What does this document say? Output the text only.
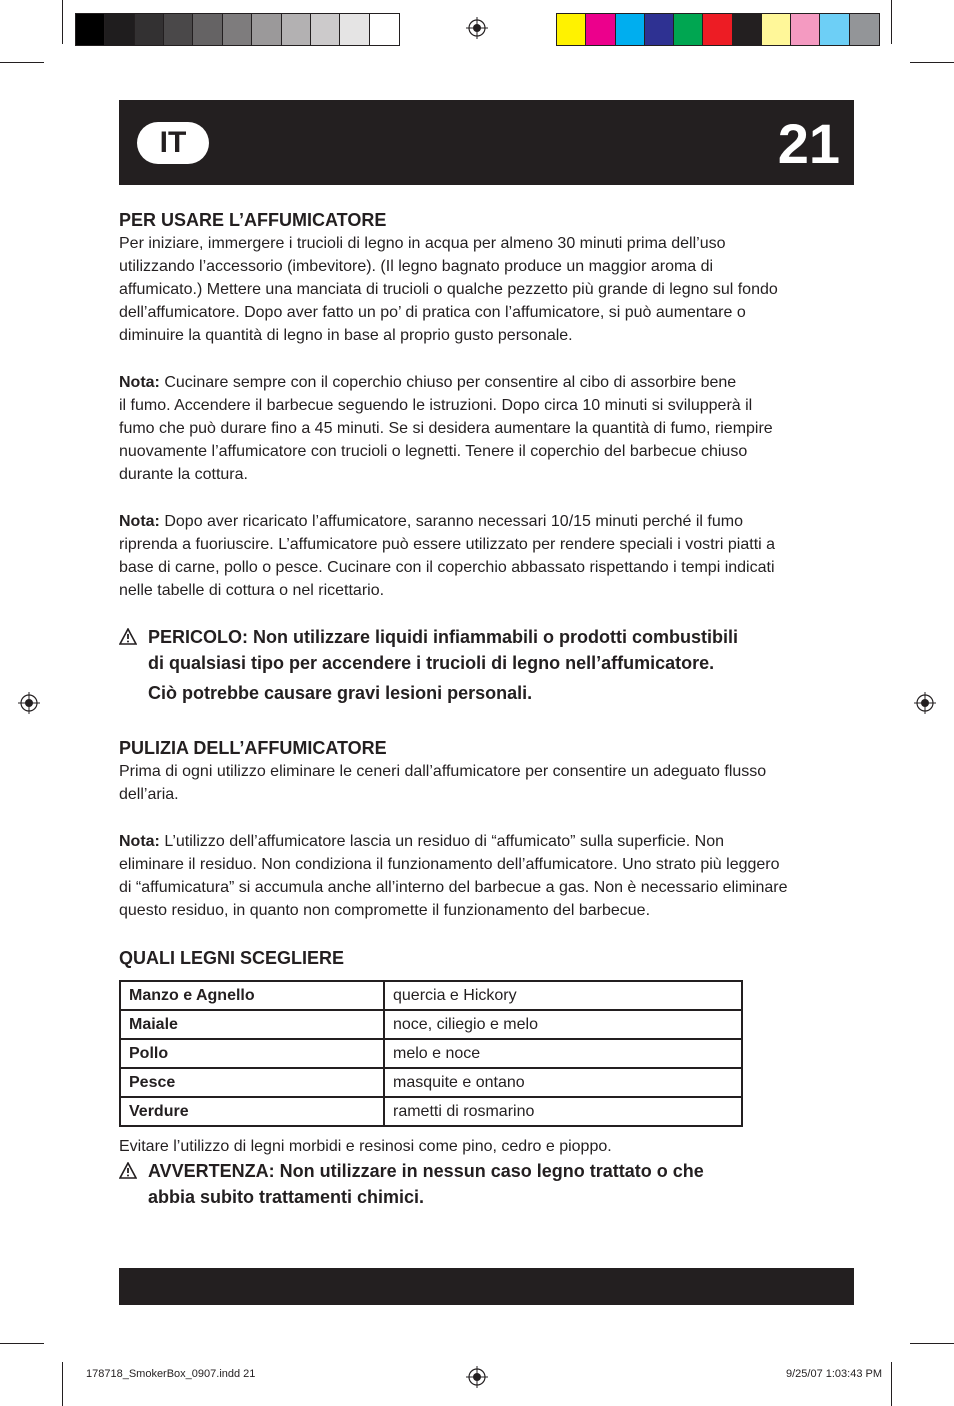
IT	21
PER USARE L’AFFUMICATORE

Per iniziare, immergere i trucioli di legno in acqua per almeno 30 minuti prima dell’uso
utilizzando l’accessorio (imbevitore). (Il legno bagnato produce un maggior aroma di
affumicato.) Mettere una manciata di trucioli o qualche pezzetto più grande di legno sul fondo
dell’affumicatore. Dopo aver fatto un po’ di pratica con l’affumicatore, si può aumentare o
diminuire la quantità di legno in base al proprio gusto personale.

Nota: Cucinare sempre con il coperchio chiuso per consentire al cibo di assorbire bene
il fumo. Accendere il barbecue seguendo le istruzioni. Dopo circa 10 minuti si svilupperà il
fumo che può durare fino a 45 minuti. Se si desidera aumentare la quantità di fumo, riempire
nuovamente l’affumicatore con trucioli o legnetti. Tenere il coperchio del barbecue chiuso
durante la cottura.

Nota: Dopo aver ricaricato l’affumicatore, saranno necessari 10/15 minuti perché il fumo
riprenda a fuoriuscire. L’affumicatore può essere utilizzato per rendere speciali i vostri piatti a
base di carne, pollo o pesce. Cucinare con il coperchio abbassato rispettando i tempi indicati
nelle tabelle di cottura o nel ricettario.

PERICOLO: Non utilizzare liquidi infiammabili o prodotti combustibili
di qualsiasi tipo per accendere i trucioli di legno nell’affumicatore.
Ciò potrebbe causare gravi lesioni personali.
PULIZIA DELL’AFFUMICATORE

Prima di ogni utilizzo eliminare le ceneri dall’affumicatore per consentire un adeguato flusso
dell’aria.

Nota: L’utilizzo dell’affumicatore lascia un residuo di “affumicato” sulla superficie. Non
eliminare il residuo. Non condiziona il funzionamento dell’affumicatore. Uno strato più leggero
di “affumicatura” si accumula anche all’interno del barbecue a gas. Non è necessario eliminare
questo residuo, in quanto non compromette il funzionamento del barbecue.

QUALI LEGNI SCEGLIERE
Manzo e Agnello	quercia e Hickory
Maiale	noce, ciliegio e melo
Pollo	melo e noce
Pesce	masquite e ontano
Verdure	rametti di rosmarino

Evitare l’utilizzo di legni morbidi e resinosi come pino, cedro e pioppo.

AVVERTENZA: Non utilizzare in nessun caso legno trattato o che
abbia subito trattamenti chimici.
178718_SmokerBox_0907.indd 21	9/25/07 1:03:43 PM
